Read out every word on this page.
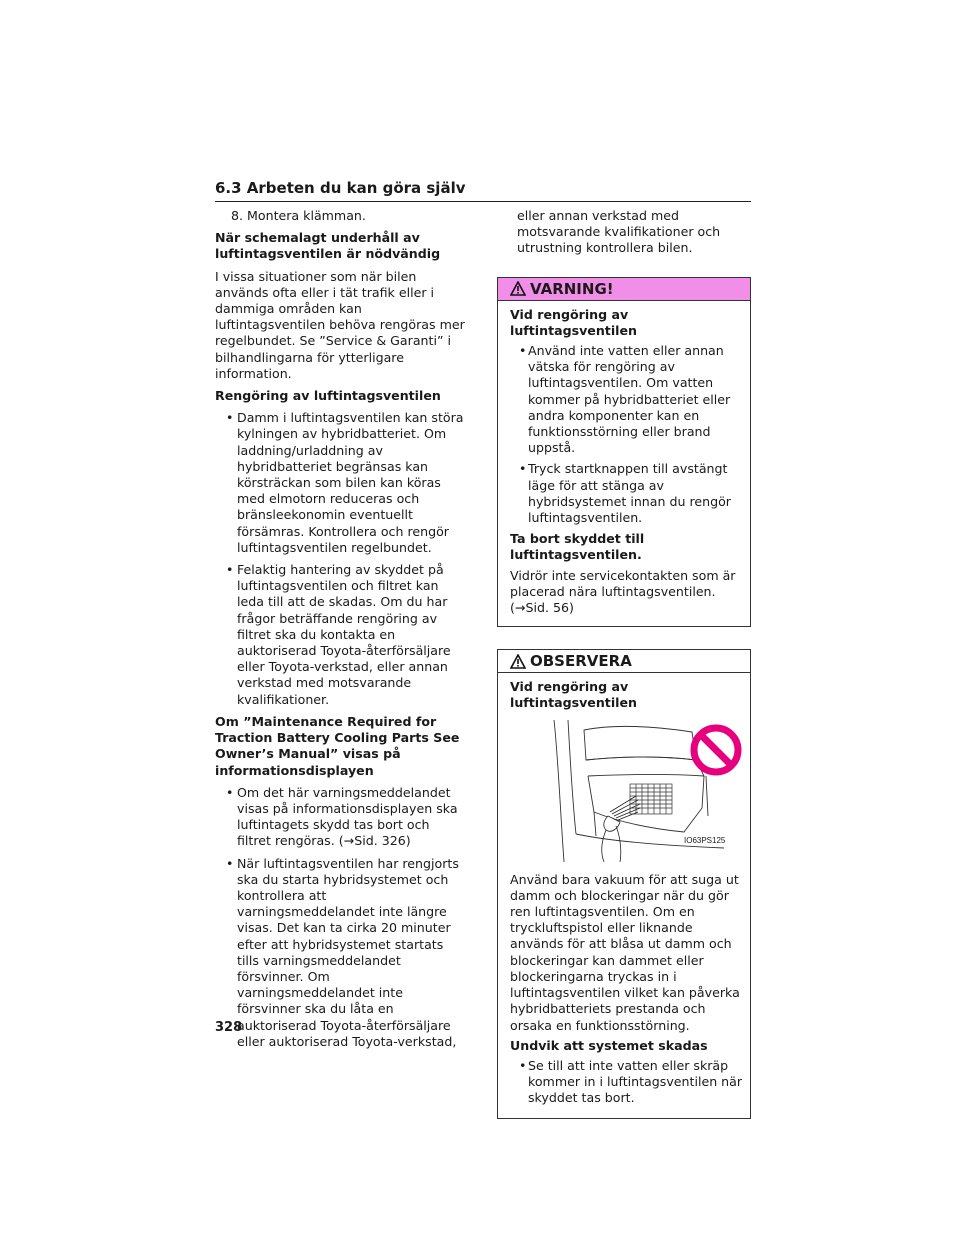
6.3 Arbeten du kan göra själv

8. Montera klämman.

När schemalagt underhåll av luftintagsventilen är nödvändig

I vissa situationer som när bilen används ofta eller i tät trafik eller i dammiga områden kan luftintagsventilen behöva rengöras mer regelbundet. Se ”Service & Garanti” i bilhandlingarna för ytterligare information.

Rengöring av luftintagsventilen

• Damm i luftintagsventilen kan störa kylningen av hybridbatteriet. Om laddning/urladdning av hybridbatteriet begränsas kan körsträckan som bilen kan köras med elmotorn reduceras och bränsleekonomin eventuellt försämras. Kontrollera och rengör luftintagsventilen regelbundet.

• Felaktig hantering av skyddet på luftintagsventilen och filtret kan leda till att de skadas. Om du har frågor beträffande rengöring av filtret ska du kontakta en auktoriserad Toyota-återförsäljare eller Toyota-verkstad, eller annan verkstad med motsvarande kvalifikationer.

Om ”Maintenance Required for Traction Battery Cooling Parts See Owner’s Manual” visas på informationsdisplayen

• Om det här varningsmeddelandet visas på informationsdisplayen ska luftintagets skydd tas bort och filtret rengöras. (→Sid. 326)

• När luftintagsventilen har rengjorts ska du starta hybridsystemet och kontrollera att varningsmeddelandet inte längre visas. Det kan ta cirka 20 minuter efter att hybridsystemet startats tills varningsmeddelandet försvinner. Om varningsmeddelandet inte försvinner ska du låta en auktoriserad Toyota-återförsäljare eller auktoriserad Toyota-verkstad,

eller annan verkstad med motsvarande kvalifikationer och utrustning kontrollera bilen.

VARNING!

Vid rengöring av luftintagsventilen

• Använd inte vatten eller annan vätska för rengöring av luftintagsventilen. Om vatten kommer på hybridbatteriet eller andra komponenter kan en funktionsstörning eller brand uppstå.

• Tryck startknappen till avstängt läge för att stänga av hybridsystemet innan du rengör luftintagsventilen.

Ta bort skyddet till luftintagsventilen.

Vidrör inte servicekontakten som är placerad nära luftintagsventilen. (→Sid. 56)

OBSERVERA

Vid rengöring av luftintagsventilen

IO63PS125

Använd bara vakuum för att suga ut damm och blockeringar när du gör ren luftintagsventilen. Om en tryckluftspistol eller liknande används för att blåsa ut damm och blockeringar kan dammet eller blockeringarna tryckas in i luftintagsventilen vilket kan påverka hybridbatteriets prestanda och orsaka en funktionsstörning.

Undvik att systemet skadas

• Se till att inte vatten eller skräp kommer in i luftintagsventilen när skyddet tas bort.

328
